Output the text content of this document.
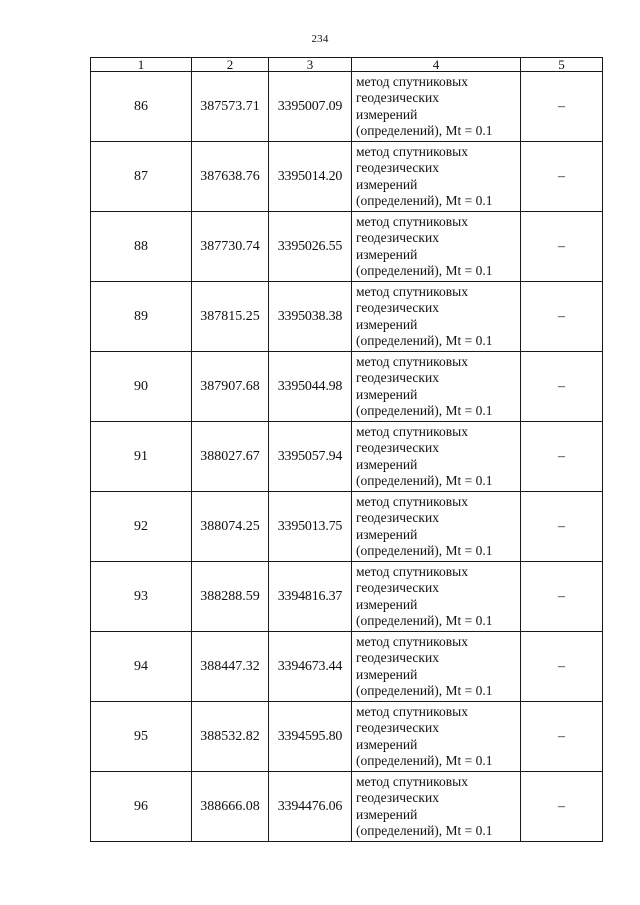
234
1	2	3	4	5
86	387573.71	3395007.09	метод спутниковых
геодезических
измерений
(определений), Mt = 0.1	–
87	387638.76	3395014.20	метод спутниковых
геодезических
измерений
(определений), Mt = 0.1	–
88	387730.74	3395026.55	метод спутниковых
геодезических
измерений
(определений), Mt = 0.1	–
89	387815.25	3395038.38	метод спутниковых
геодезических
измерений
(определений), Mt = 0.1	–
90	387907.68	3395044.98	метод спутниковых
геодезических
измерений
(определений), Mt = 0.1	–
91	388027.67	3395057.94	метод спутниковых
геодезических
измерений
(определений), Mt = 0.1	–
92	388074.25	3395013.75	метод спутниковых
геодезических
измерений
(определений), Mt = 0.1	–
93	388288.59	3394816.37	метод спутниковых
геодезических
измерений
(определений), Mt = 0.1	–
94	388447.32	3394673.44	метод спутниковых
геодезических
измерений
(определений), Mt = 0.1	–
95	388532.82	3394595.80	метод спутниковых
геодезических
измерений
(определений), Mt = 0.1	–
96	388666.08	3394476.06	метод спутниковых
геодезических
измерений
(определений), Mt = 0.1	–
